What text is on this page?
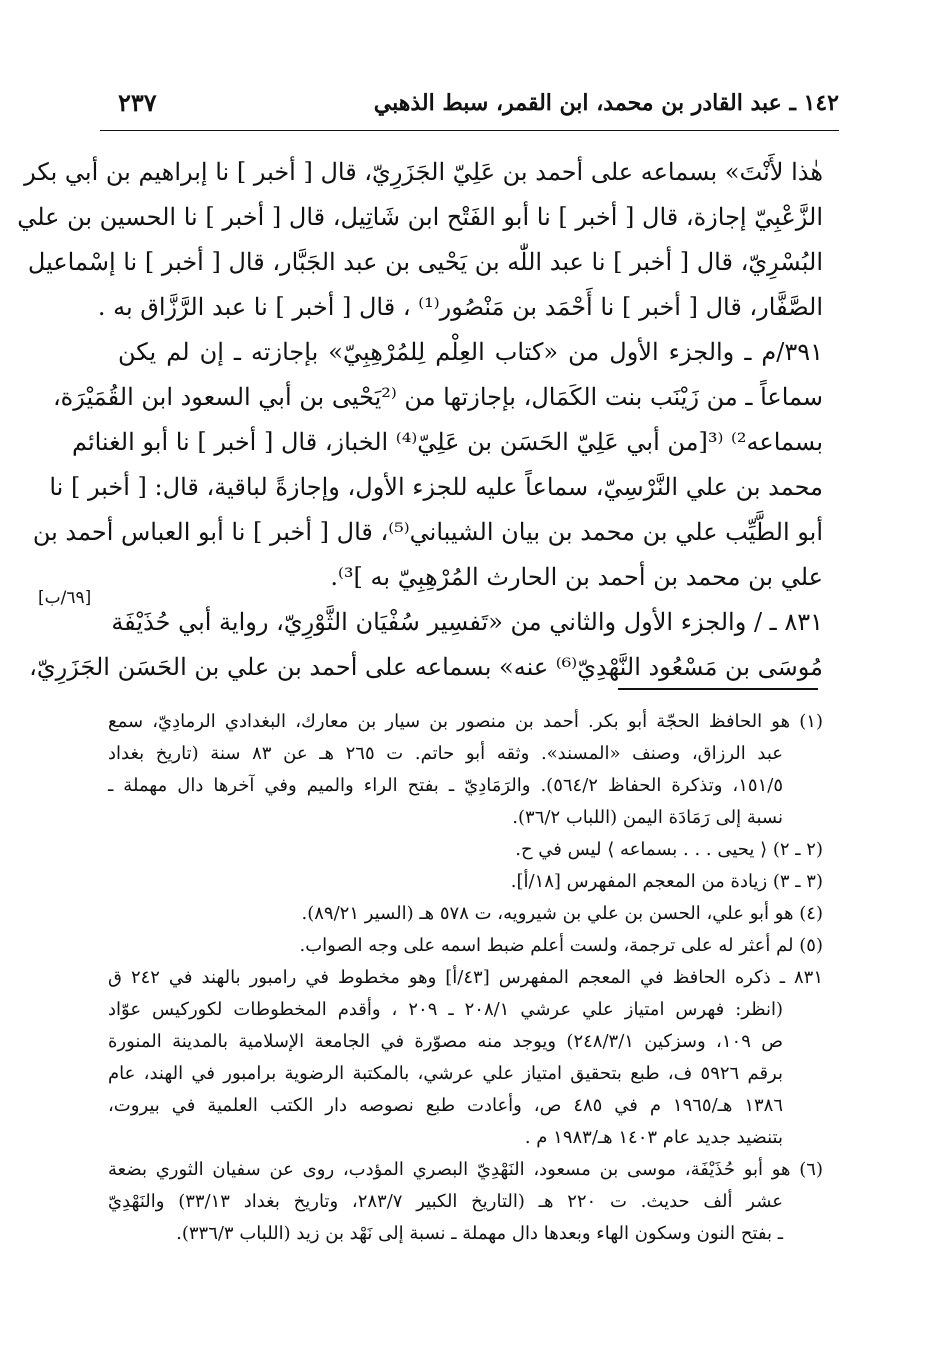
٢٣٧	١٤٢ ـ عبد القادر بن محمد، ابن القمر، سبط الذهبي
هٰذا لأَنْتَ» بسماعه على أحمد بن عَلِيّ الجَزَرِيّ، قال [ أخبر ] نا إبراهيم بن أبي بكر
الزَّعْبِيّ إجازة، قال [ أخبر ] نا أبو الفَتْح ابن شَاتِيل، قال [ أخبر ] نا الحسين بن علي
البُسْرِيّ، قال [ أخبر ] نا عبد اللّٰه بن يَحْيى بن عبد الجَبَّار، قال [ أخبر ] نا إسْماعيل
الصَّفَّار، قال [ أخبر ] نا أَحْمَد بن مَنْصُور⁽¹⁾ ، قال [ أخبر ] نا عبد الرَّزَّاق به .
٣٩١/م ـ والجزء الأول من «كتاب العِلْم لِلمُرْهِبِيّ» بإجازته ـ إن لم يكن
سماعاً ـ من زَيْنَب بنت الكَمَال، بإجازتها من ⁽²يَحْيى بن أبي السعود ابن القُمَيْرَة،
بسماعه²⁾ ⁽³[من أبي عَلِيّ الحَسَن بن عَلِيّ⁽⁴⁾ الخباز، قال [ أخبر ] نا أبو الغنائم
محمد بن علي النَّرْسِيّ، سماعاً عليه للجزء الأول، وإجازةً لباقية، قال: [ أخبر ] نا
أبو الطَّيِّب علي بن محمد بن بيان الشيباني⁽⁵⁾، قال [ أخبر ] نا أبو العباس أحمد بن
علي بن محمد بن أحمد بن الحارث المُرْهِبِيّ به ]³⁾.
٨٣١ ـ / والجزء الأول والثاني من «تَفسِير سُفْيَان الثَّوْرِيّ، رواية أبي حُذَيْفَة
مُوسَى بن مَسْعُود النَّهْدِيّ⁽⁶⁾ عنه» بسماعه على أحمد بن علي بن الحَسَن الجَزَرِيّ،
[٦٩/ب]
(١) هو الحافظ الحجّة أبو بكر. أحمد بن منصور بن سيار بن معارك، البغدادي الرمادِيّ، سمع
عبد الرزاق، وصنف «المسند». وثقه أبو حاتم. ت ٢٦٥ هـ عن ٨٣ سنة (تاريخ بغداد
١٥١/٥، وتذكرة الحفاظ ٥٦٤/٢). والرَمَادِيّ ـ بفتح الراء والميم وفي آخرها دال مهملة ـ
نسبة إلى رَمَادَة اليمن (اللباب ٣٦/٢).
(٢ ـ ٢) ⟨ يحيى . . . بسماعه ⟩ ليس في ح.
(٣ ـ ٣) زيادة من المعجم المفهرس [١٨/أ].
(٤) هو أبو علي، الحسن بن علي بن شيرويه، ت ٥٧٨ هـ (السير ٨٩/٢١).
(٥) لم أعثر له على ترجمة، ولست أعلم ضبط اسمه على وجه الصواب.
٨٣١ ـ ذكره الحافظ في المعجم المفهرس [٤٣/أ] وهو مخطوط في رامبور بالهند في ٢٤٢ ق
(انظر: فهرس امتياز علي عرشي ٢٠٨/١ ـ ٢٠٩ ، وأقدم المخطوطات لكوركيس عوّاد
ص ١٠٩، وسزكين ٢٤٨/٣/١) ويوجد منه مصوّرة في الجامعة الإسلامية بالمدينة المنورة
برقم ٥٩٢٦ ف، طبع بتحقيق امتياز علي عرشي، بالمكتبة الرضوية برامبور في الهند، عام
١٣٨٦ هـ/١٩٦٥ م في ٤٨٥ ص، وأعادت طبع نصوصه دار الكتب العلمية في بيروت،
بتنضيد جديد عام ١٤٠٣ هـ/١٩٨٣ م .
(٦) هو أبو حُذَيْفَة، موسى بن مسعود، النَهْدِيّ البصري المؤدب، روى عن سفيان الثوري بضعة
عشر ألف حديث. ت ٢٢٠ هـ (التاريخ الكبير ٢٨٣/٧، وتاريخ بغداد ٣٣/١٣) والنَهْدِيّ
ـ بفتح النون وسكون الهاء وبعدها دال مهملة ـ نسبة إلى نَهْد بن زيد (اللباب ٣٣٦/٣).
